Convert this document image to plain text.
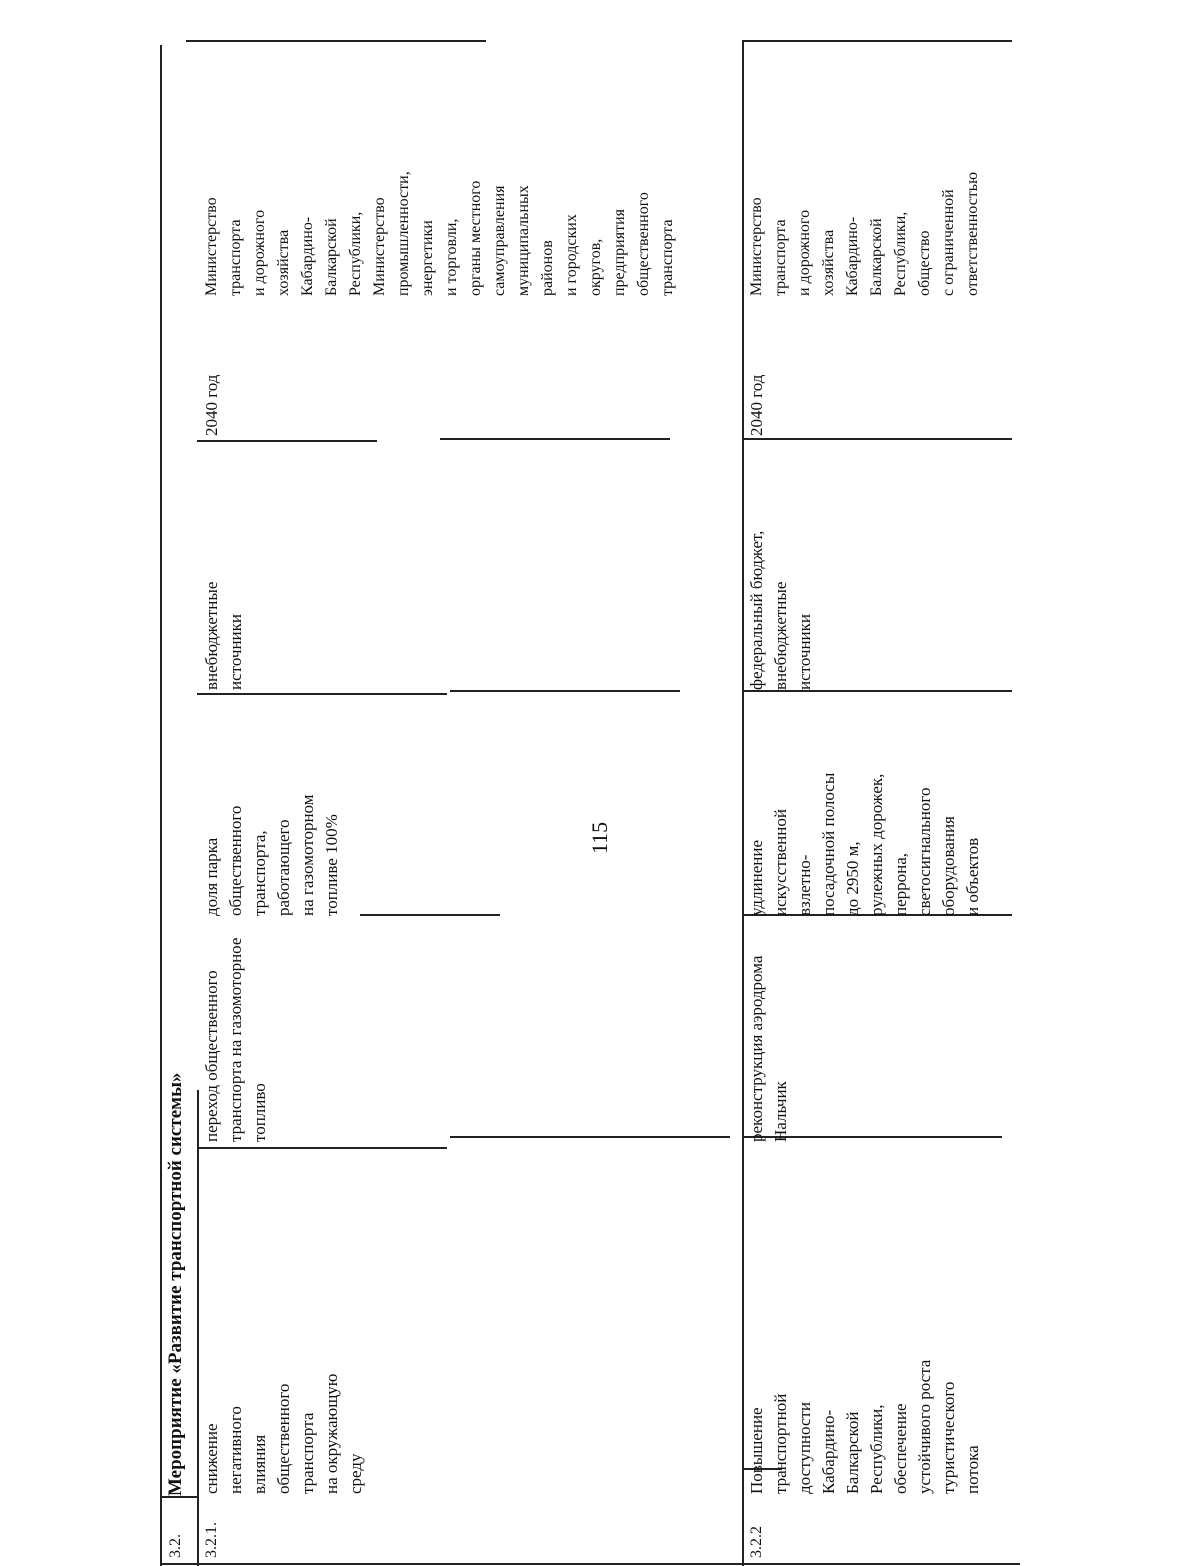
115
3.2.
Мероприятие «Развитие транспортной системы»
3.2.1.
снижение
негативного
влияния
общественного
транспорта
на окружающую
среду
переход общественного
транспорта на газомоторное
топливо
доля парка
общественного
транспорта,
работающего
на газомоторном
топливе 100%
внебюджетные
источники
2040 год
Министерство
транспорта
и дорожного
хозяйства
Кабардино-
Балкарской
Республики,
Министерство
промышленности,
энергетики
и торговли,
органы местного
самоуправления
муниципальных
районов
и городских
округов,
предприятия
общественного
транспорта
3.2.2
Повышение
транспортной
доступности
Кабардино-
Балкарской
Республики,
обеспечение
устойчивого роста
туристического
потока
реконструкция аэродрома
Нальчик
удлинение
искусственной
взлетно-
посадочной полосы
до 2950 м,
рулежных дорожек,
перрона,
светосигнального
оборудования
и объектов
федеральный бюджет,
внебюджетные
источники
2040 год
Министерство
транспорта
и дорожного
хозяйства
Кабардино-
Балкарской
Республики,
общество
с ограниченной
ответственностью
